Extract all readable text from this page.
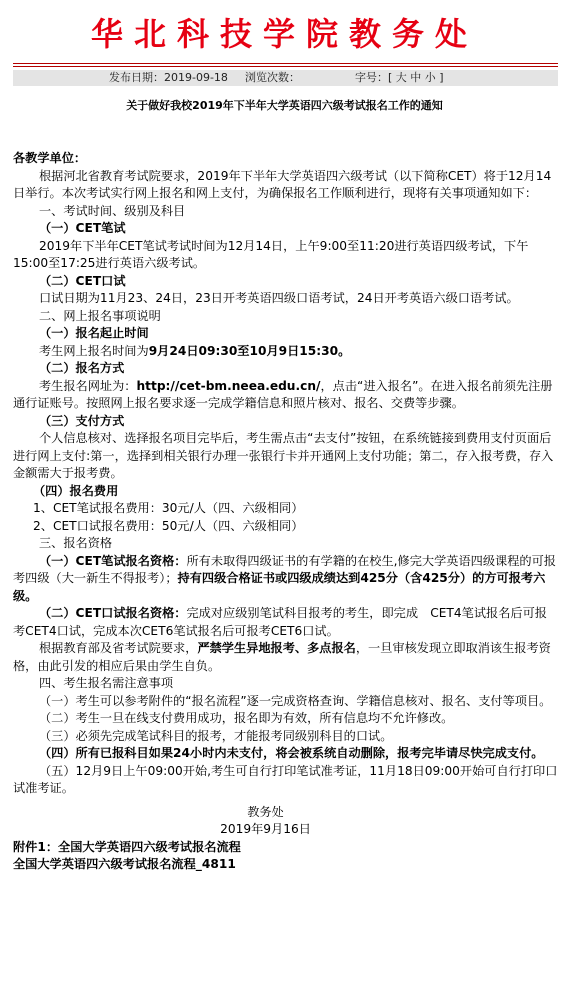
华北科技学院教务处
发布日期：2019-09-18 浏览次数：	字号：[ 大 中 小 ]
关于做好我校2019年下半年大学英语四六级考试报名工作的通知

各教学单位：

根据河北省教育考试院要求，2019年下半年大学英语四六级考试（以下简称CET）将于12月14日举行。本次考试实行网上报名和网上支付，为确保报名工作顺利进行，现将有关事项通知如下：

一、考试时间、级别及科目

（一）CET笔试

2019年下半年CET笔试考试时间为12月14日，上午9:00至11:20进行英语四级考试，下午15:00至17:25进行英语六级考试。

（二）CET口试

口试日期为11月23、24日，23日开考英语四级口语考试，24日开考英语六级口语考试。

二、网上报名事项说明

（一）报名起止时间

考生网上报名时间为9月24日09:30至10月9日15:30。

（二）报名方式

考生报名网址为：http://cet-bm.neea.edu.cn/，点击“进入报名”。在进入报名前须先注册通行证账号。按照网上报名要求逐一完成学籍信息和照片核对、报名、交费等步骤。

（三）支付方式

个人信息核对、选择报名项目完毕后，考生需点击“去支付”按钮，在系统链接到费用支付页面后进行网上支付:第一，选择到相关银行办理一张银行卡并开通网上支付功能；第二，存入报考费，存入金额需大于报考费。

（四）报名费用

1、CET笔试报名费用：30元/人（四、六级相同）

2、CET口试报名费用：50元/人（四、六级相同）

三、报名资格

（一）CET笔试报名资格：所有未取得四级证书的有学籍的在校生,修完大学英语四级课程的可报考四级（大一新生不得报考）；持有四级合格证书或四级成绩达到425分（含425分）的方可报考六级。

（二）CET口试报名资格：完成对应级别笔试科目报考的考生，即完成　CET4笔试报名后可报考CET4口试，完成本次CET6笔试报名后可报考CET6口试。

根据教育部及省考试院要求，严禁学生异地报考、多点报名，一旦审核发现立即取消该生报考资格，由此引发的相应后果由学生自负。

四、考生报名需注意事项

（一）考生可以参考附件的“报名流程”逐一完成资格查询、学籍信息核对、报名、支付等项目。

（二）考生一旦在线支付费用成功，报名即为有效，所有信息均不允许修改。

（三）必须先完成笔试科目的报考，才能报考同级别科目的口试。

（四）所有已报科目如果24小时内未支付，将会被系统自动删除，报考完毕请尽快完成支付。

（五）12月9日上午09:00开始,考生可自行打印笔试准考证，11月18日09:00开始可自行打印口试准考证。

教务处

2019年9月16日

附件1：全国大学英语四六级考试报名流程

全国大学英语四六级考试报名流程_4811
